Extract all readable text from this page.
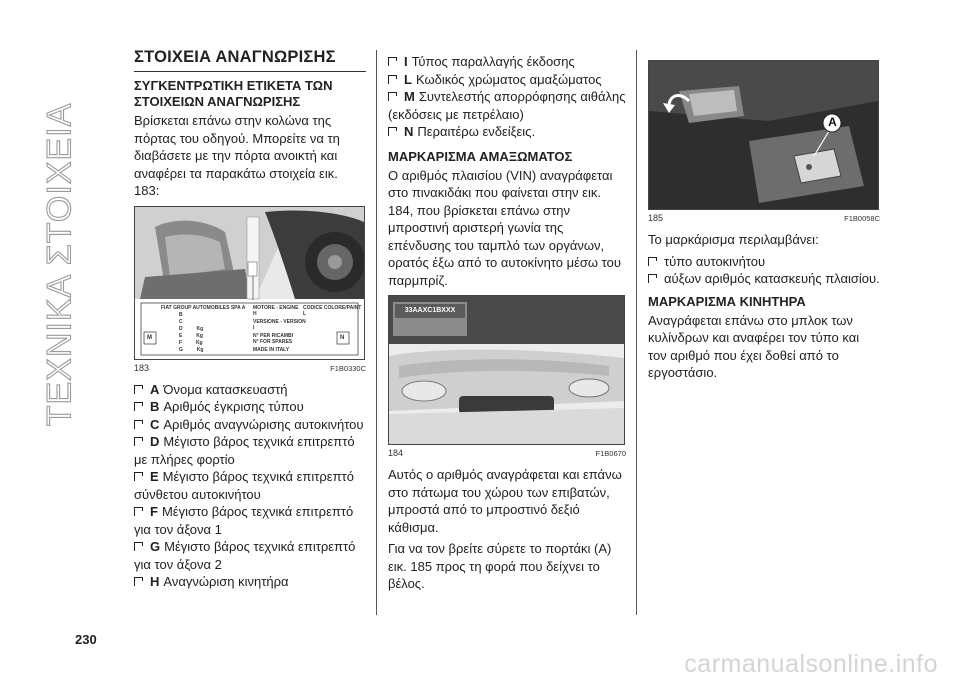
ΤΕΧΝΙΚΑ ΣΤΟΙΧΕΙΑ
ΣΤΟΙΧΕΙΑ ΑΝΑΓΝΩΡΙΣΗΣ
ΣΥΓΚΕΝΤΡΩΤΙΚΗ ΕΤΙΚΕΤΑ ΤΩΝ ΣΤΟΙΧΕΙΩΝ ΑΝΑΓΝΩΡΙΣΗΣ

Βρίσκεται επάνω στην κολώνα της πόρτας του οδηγού. Μπορείτε να τη διαβάσετε με την πόρτα ανοικτή και αναφέρει τα παρακάτω στοιχεία εικ. 183:

FIAT GROUP AUTOMOBILES SPA A
B
C
D          Kg
E          Kg
F          Kg
G          Kg
M	N
MOTORE - ENGINE CODICE COLORE/PAINT
H	L
VERSIONE - VERSION
I
N° PER RICAMBI
N° FOR SPARES
MADE IN ITALY
183	F1B0330C

A Όνομα κατασκευαστή

B Αριθμός έγκρισης τύπου

C Αριθμός αναγνώρισης αυτοκινήτου

D Μέγιστο βάρος τεχνικά επιτρεπτό με πλήρες φορτίο

E Μέγιστο βάρος τεχνικά επιτρεπτό σύνθετου αυτοκινήτου

F Μέγιστο βάρος τεχνικά επιτρεπτό για τον άξονα 1

G Μέγιστο βάρος τεχνικά επιτρεπτό για τον άξονα 2

H Αναγνώριση κινητήρα

I Τύπος παραλλαγής έκδοσης

L Κωδικός χρώματος αμαξώματος

M Συντελεστής απορρόφησης αιθάλης (εκδόσεις με πετρέλαιο)

N Περαιτέρω ενδείξεις.

ΜΑΡΚΑΡΙΣΜΑ ΑΜΑΞΩΜΑΤΟΣ

Ο αριθμός πλαισίου (VIN) αναγράφεται στο πινακιδάκι που φαίνεται στην εικ. 184, που βρίσκεται επάνω στην μπροστινή αριστερή γωνία της επένδυσης του ταμπλό των οργάνων, ορατός έξω από το αυτοκίνητο μέσω του παρμπρίζ.

33AAXC1BXXX
184	F1B0670

Αυτός ο αριθμός αναγράφεται και επάνω στο πάτωμα του χώρου των επιβατών, μπροστά από το μπροστινό δεξιό κάθισμα.

Για να τον βρείτε σύρετε το πορτάκι (A) εικ. 185 προς τη φορά που δείχνει το βέλος.

A
185	F1B0058C

Το μαρκάρισμα περιλαμβάνει:

τύπο αυτοκινήτου

αύξων αριθμός κατασκευής πλαισίου.

ΜΑΡΚΑΡΙΣΜΑ ΚΙΝΗΤΗΡΑ

Αναγράφεται επάνω στο μπλοκ των κυλίνδρων και αναφέρει τον τύπο και τον αριθμό που έχει δοθεί από το εργοστάσιο.

230
carmanualsonline.info
